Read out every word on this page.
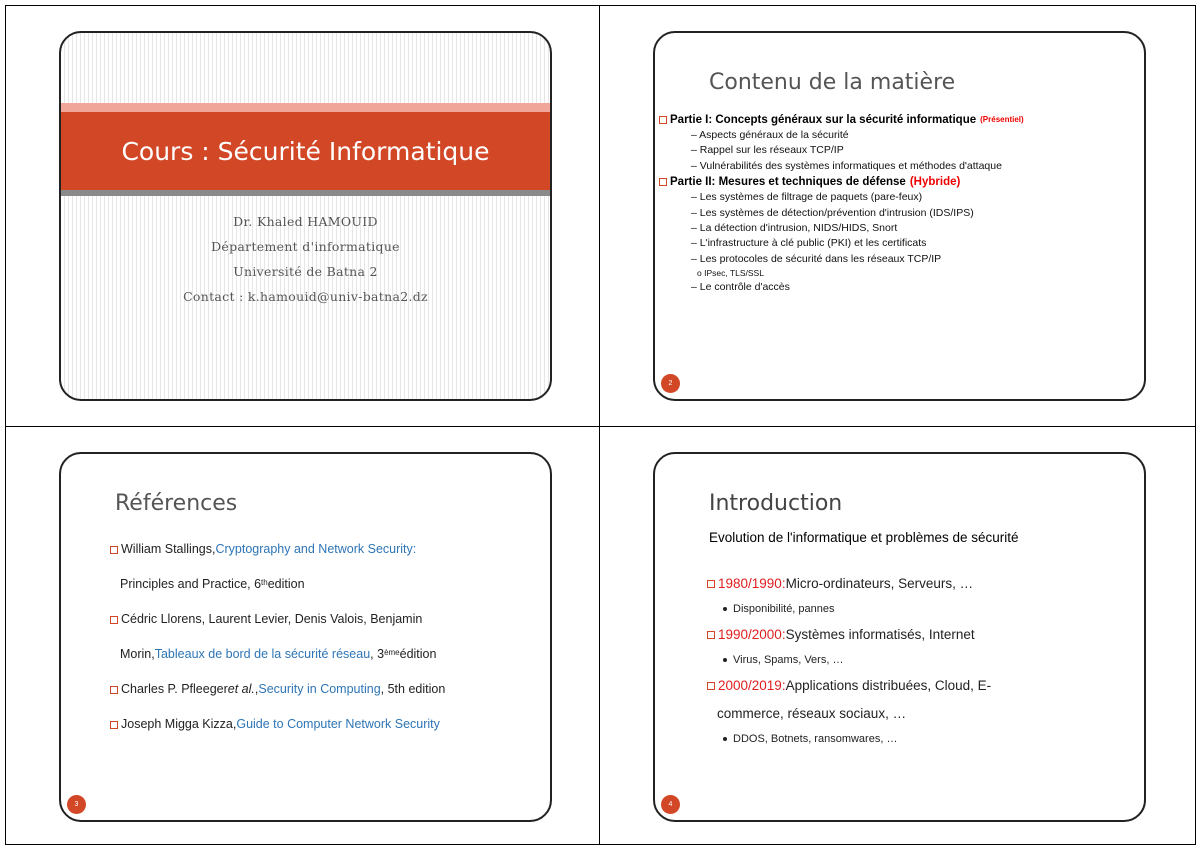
Cours : Sécurité Informatique
Dr. Khaled HAMOUID
Département d'informatique
Université de Batna 2
Contact : k.hamouid@univ-batna2.dz
Contenu de la matière
Partie I: Concepts généraux sur la sécurité informatique (Présentiel)
– Aspects généraux de la sécurité
– Rappel sur les réseaux TCP/IP
– Vulnérabilités des systèmes informatiques et méthodes d'attaque
Partie II: Mesures et techniques de défense (Hybride)
– Les systèmes de filtrage de paquets (pare-feux)
– Les systèmes de détection/prévention d'intrusion (IDS/IPS)
– La détection d'intrusion, NIDS/HIDS, Snort
– L'infrastructure à clé public (PKI) et les certificats
– Les protocoles de sécurité dans les réseaux TCP/IP
o IPsec, TLS/SSL
– Le contrôle d'accès
2
Références
William Stallings, Cryptography and Network Security:
Principles and Practice, 6th edition
Cédric Llorens, Laurent Levier, Denis Valois, Benjamin
Morin, Tableaux de bord de la sécurité réseau , 3ème édition
Charles P. Pfleeger et al. , Security in Computing , 5th edition
Joseph Migga Kizza, Guide to Computer Network Security
3
Introduction
Evolution de l'informatique et problèmes de sécurité
1980/1990: Micro-ordinateurs, Serveurs, …
Disponibilité, pannes
1990/2000: Systèmes informatisés, Internet
Virus, Spams, Vers, …
2000/2019: Applications distribuées, Cloud, E-
commerce, réseaux sociaux, …
DDOS, Botnets, ransomwares, …
4
